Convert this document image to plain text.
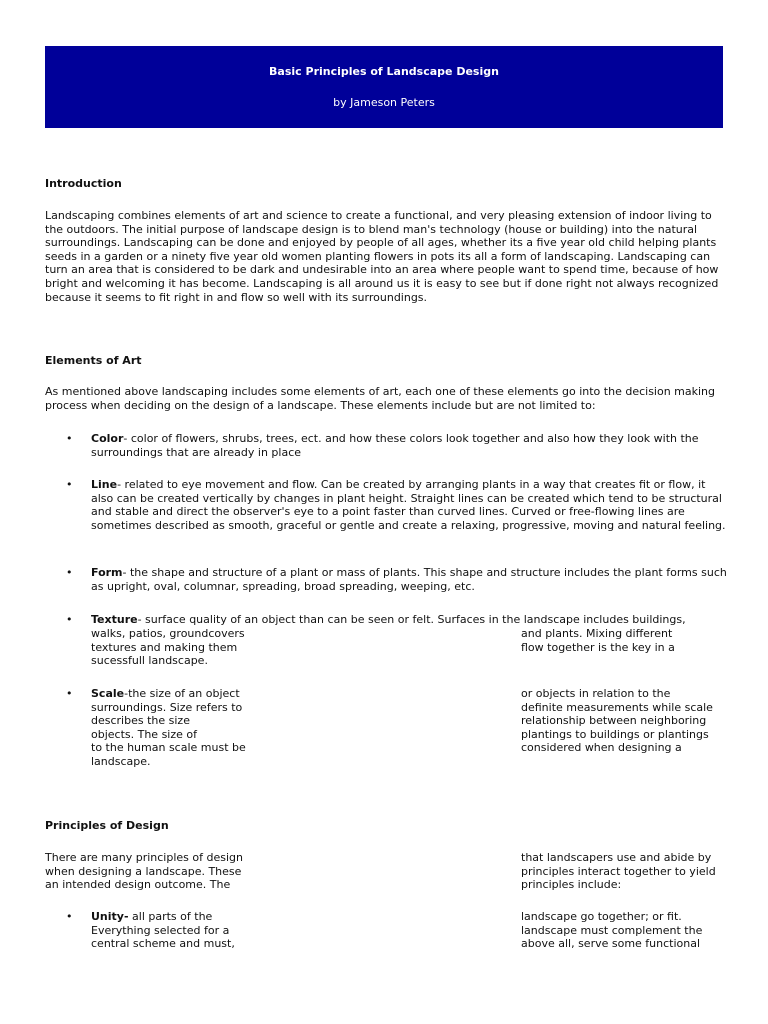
Basic Principles of Landscape Design
by Jameson Peters
Introduction

Landscaping combines elements of art and science to create a functional, and very pleasing extension of indoor living to the outdoors. The initial purpose of landscape design is to blend man's technology (house or building) into the natural surroundings. Landscaping can be done and enjoyed by people of all ages, whether its a five year old child helping plants seeds in a garden or a ninety five year old women planting flowers in pots its all a form of landscaping. Landscaping can turn an area that is considered to be dark and undesirable into an area where people want to spend time, because of how bright and welcoming it has become. Landscaping is all around us it is easy to see but if done right not always recognized because it seems to fit right in and flow so well with its surroundings.

Elements of Art

As mentioned above landscaping includes some elements of art, each one of these elements go into the decision making process when deciding on the design of a landscape. These elements include but are not limited to:

• Color- color of flowers, shrubs, trees, ect. and how these colors look together and also how they look with the surroundings that are already in place
• Line- related to eye movement and flow. Can be created by arranging plants in a way that creates fit or flow, it also can be created vertically by changes in plant height. Straight lines can be created which tend to be structural and stable and direct the observer's eye to a point faster than curved lines. Curved or free-flowing lines are sometimes described as smooth, graceful or gentle and create a relaxing, progressive, moving and natural feeling.
• Form- the shape and structure of a plant or mass of plants. This shape and structure includes the plant forms such as upright, oval, columnar, spreading, broad spreading, weeping, etc.
• Texture- surface quality of an object than can be seen or felt. Surfaces in the landscape includes buildings,
walks, patios, groundcovers
textures and making them
sucessfull landscape.
and plants. Mixing different
flow together is the key in a
• Scale-the size of an object
surroundings. Size refers to
describes the size
objects. The size of
to the human scale must be
landscape.
or objects in relation to the
definite measurements while scale
relationship between neighboring
plantings to buildings or plantings
considered when designing a
Principles of Design
There are many principles of design
when designing a landscape. These
an intended design outcome. The
that landscapers use and abide by
principles interact together to yield
principles include:
• Unity- all parts of the
Everything selected for a
central scheme and must,
landscape go together; or fit.
landscape must complement the
above all, serve some functional
